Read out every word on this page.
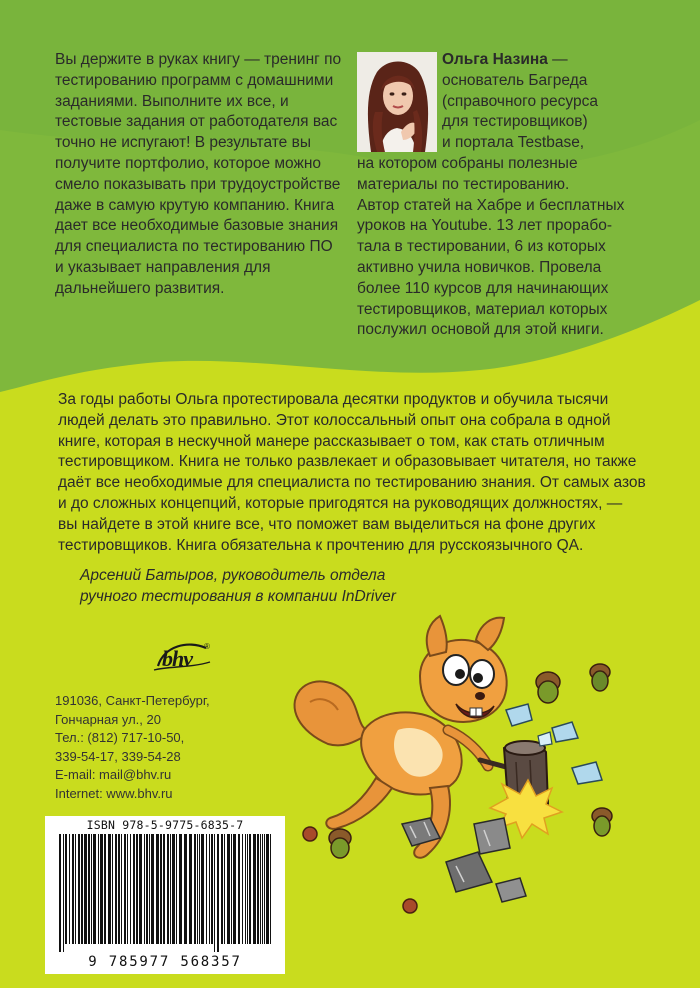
Вы держите в руках книгу — тренинг по тестированию программ с домашними заданиями. Выполните их все, и тестовые задания от работодателя вас точно не испугают! В результате вы получите портфолио, которое можно смело показывать при трудоустройстве даже в самую крутую компанию. Книга дает все необходимые базовые знания для специалиста по тестированию ПО и указывает направления для дальнейшего развития.
Ольга Назина —
основатель Багреда
(справочного ресурса
для тестировщиков)
и портала Testbase,
на котором собраны полезные
материалы по тестированию.
Автор статей на Хабре и бесплатных
уроков на Youtube. 13 лет прорабо-
тала в тестировании, 6 из которых
активно учила новичков. Провела
более 110 курсов для начинающих
тестировщиков, материал которых
послужил основой для этой книги.
За годы работы Ольга протестировала десятки продуктов и обучила тысячи
людей делать это правильно. Этот колоссальный опыт она собрала в одной
книге, которая в нескучной манере рассказывает о том, как стать отличным
тестировщиком. Книга не только развлекает и образовывает читателя, но также
даёт все необходимые для специалиста по тестированию знания. От самых азов
и до сложных концепций, которые пригодятся на руководящих должностях, —
вы найдете в этой книге все, что поможет вам выделиться на фоне других
тестировщиков. Книга обязательна к прочтению для русскоязычного QA.
Арсений Батыров, руководитель отдела
ручного тестирования в компании InDriver
bhv ®
191036, Санкт-Петербург,
Гончарная ул., 20
Тел.: (812) 717-10-50,
339-54-17, 339-54-28
E-mail: mail@bhv.ru
Internet: www.bhv.ru
ISBN 978-5-9775-6835-7
9 785977 568357
